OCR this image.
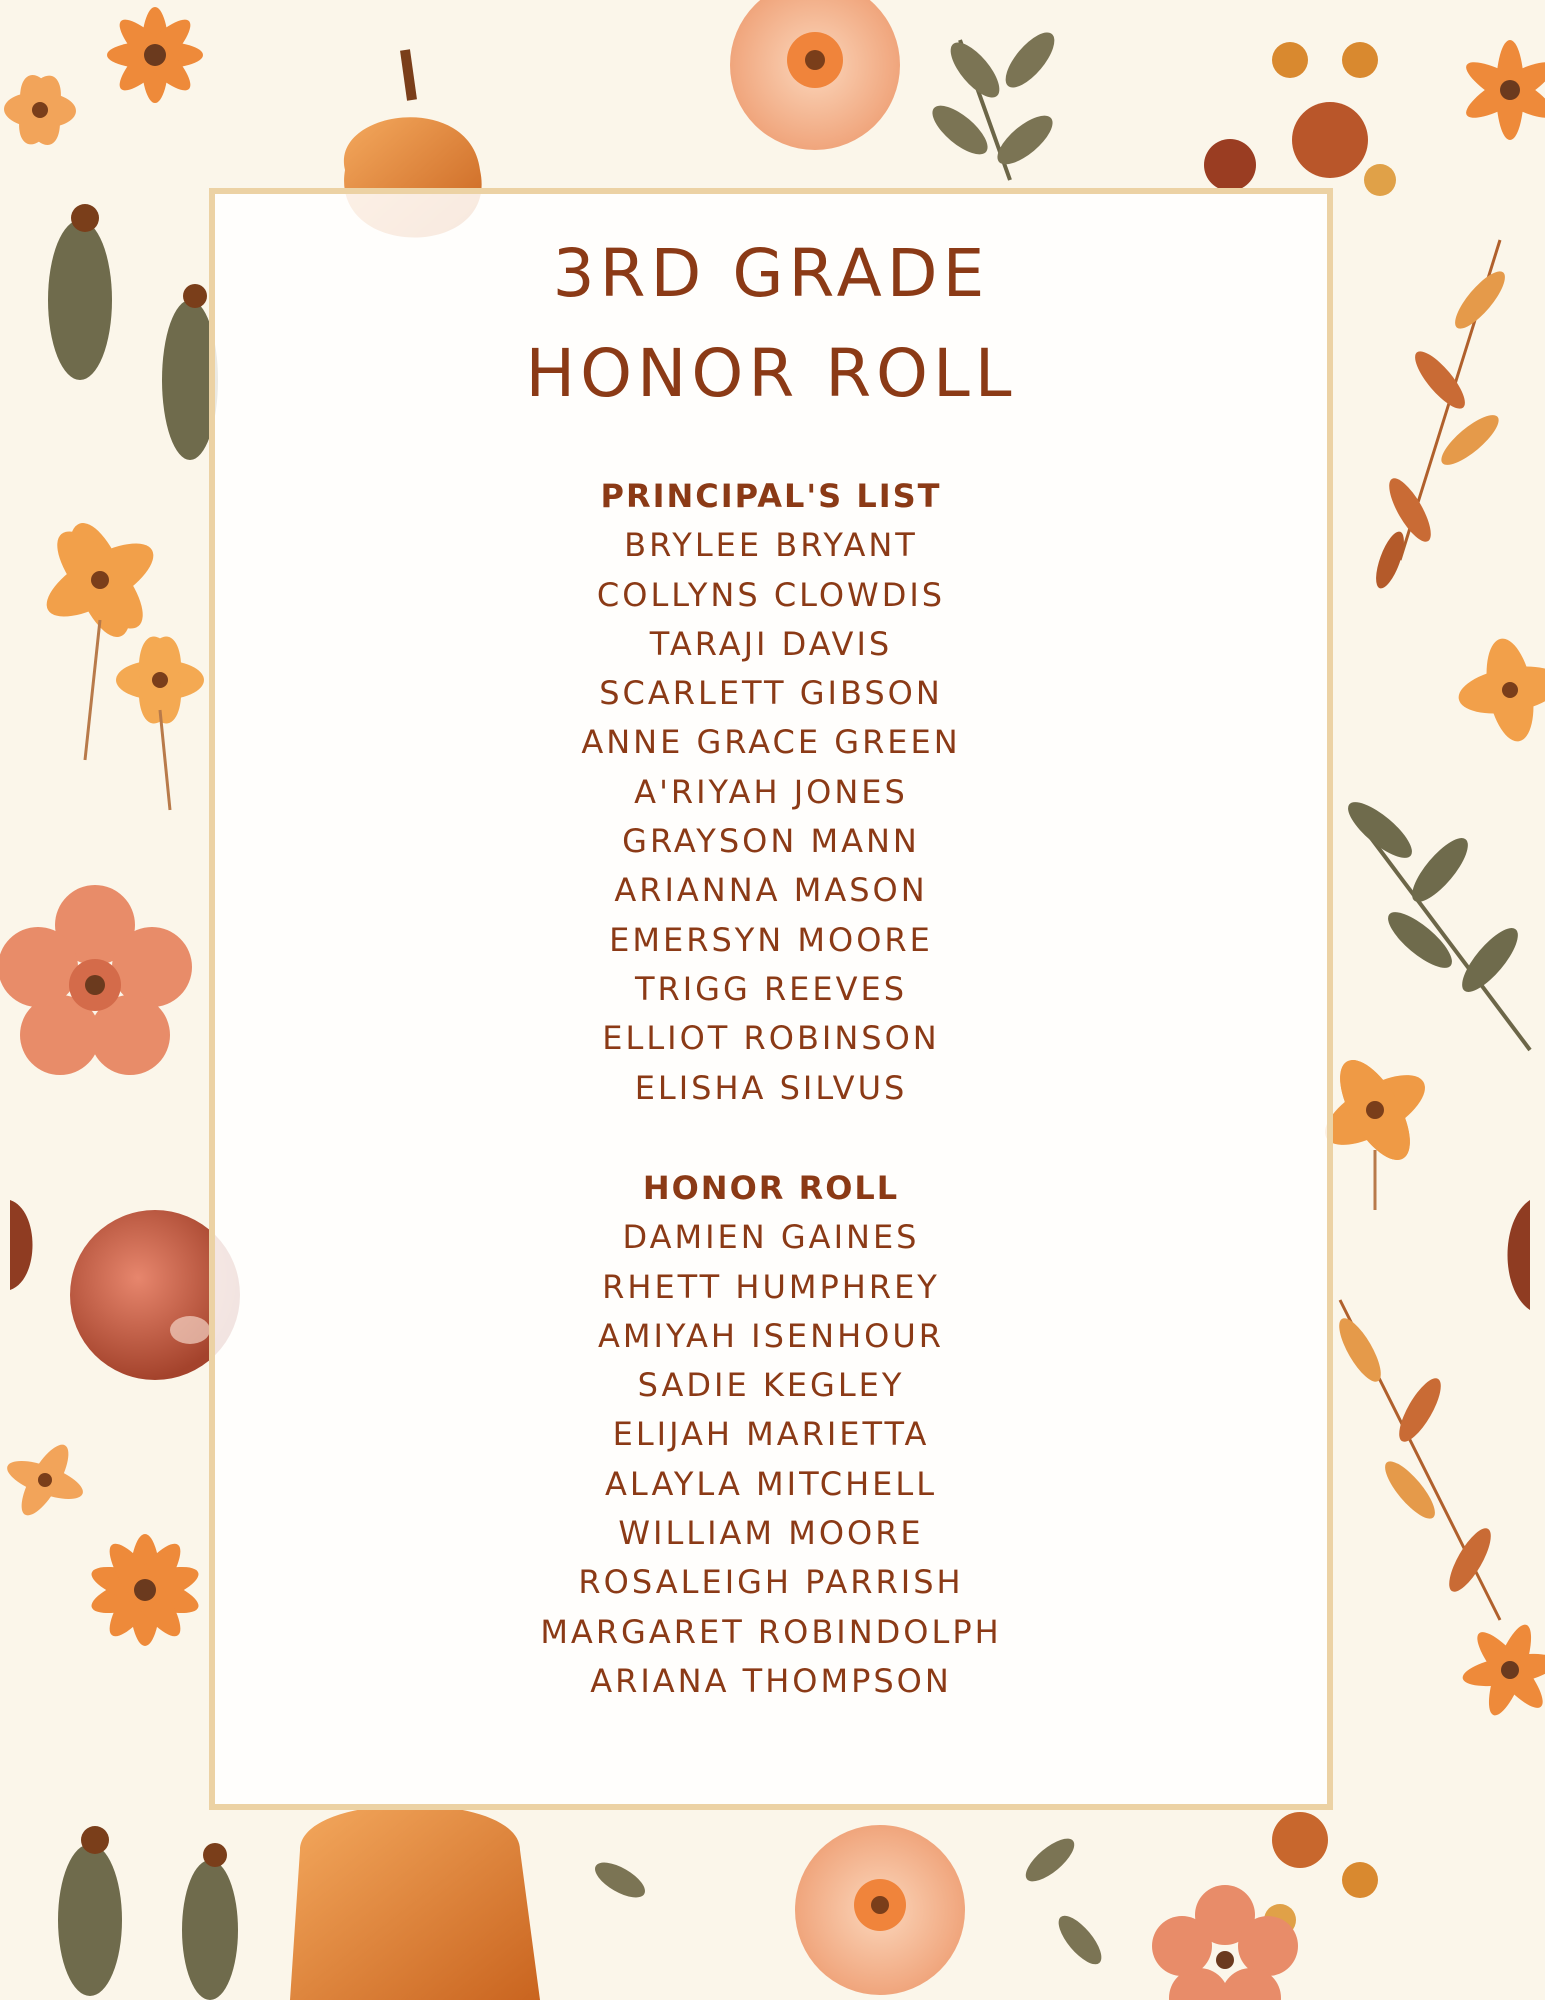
3RD GRADE
HONOR ROLL
PRINCIPAL'S LIST
BRYLEE BRYANT
COLLYNS CLOWDIS
TARAJI DAVIS
SCARLETT GIBSON
ANNE GRACE GREEN
A'RIYAH JONES
GRAYSON MANN
ARIANNA MASON
EMERSYN MOORE
TRIGG REEVES
ELLIOT ROBINSON
ELISHA SILVUS
HONOR ROLL
DAMIEN GAINES
RHETT HUMPHREY
AMIYAH ISENHOUR
SADIE KEGLEY
ELIJAH MARIETTA
ALAYLA MITCHELL
WILLIAM MOORE
ROSALEIGH PARRISH
MARGARET ROBINDOLPH
ARIANA THOMPSON
